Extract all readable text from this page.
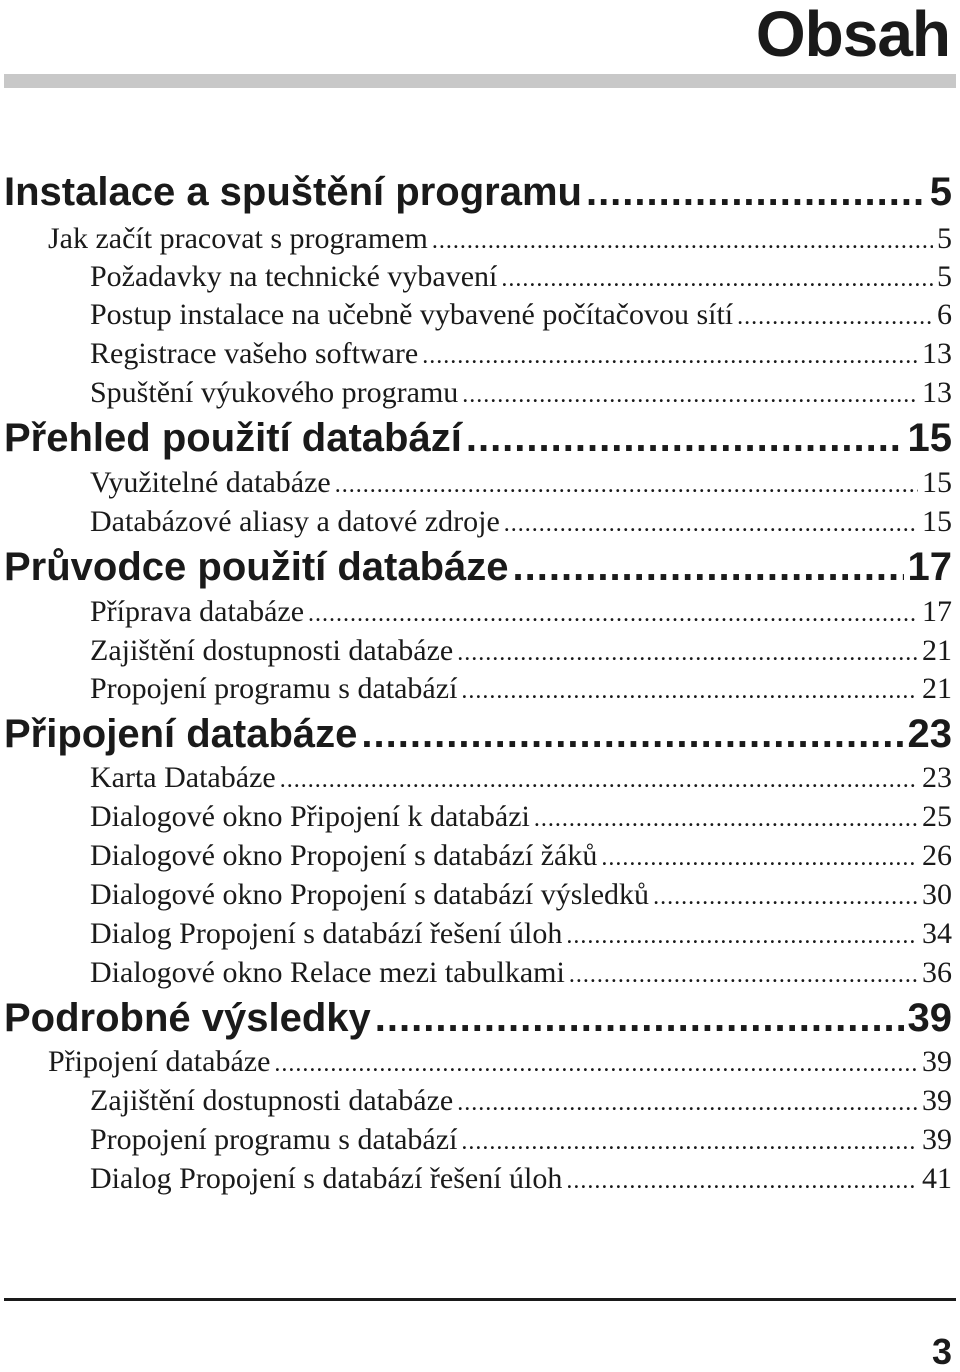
Obsah
Instalace a spuštění programu .....	5
Jak začít pracovat s programem .....	5
Požadavky na technické vybavení .....	5
Postup instalace na učebně vybavené počítačovou sítí .....	6
Registrace vašeho software .....	13
Spuštění výukového programu .....	13
Přehled použití databází .....	15
Využitelné databáze .....	15
Databázové aliasy a datové zdroje .....	15
Průvodce použití databáze .....	17
Příprava databáze .....	17
Zajištění dostupnosti databáze .....	21
Propojení programu s databází .....	21
Připojení databáze .....	23
Karta Databáze .....	23
Dialogové okno Připojení k databázi .....	25
Dialogové okno Propojení s databází žáků .....	26
Dialogové okno Propojení s databází výsledků .....	30
Dialog Propojení s databází řešení úloh .....	34
Dialogové okno Relace mezi tabulkami .....	36
Podrobné výsledky .....	39
Připojení databáze .....	39
Zajištění dostupnosti databáze .....	39
Propojení programu s databází .....	39
Dialog Propojení s databází řešení úloh .....	41
3
